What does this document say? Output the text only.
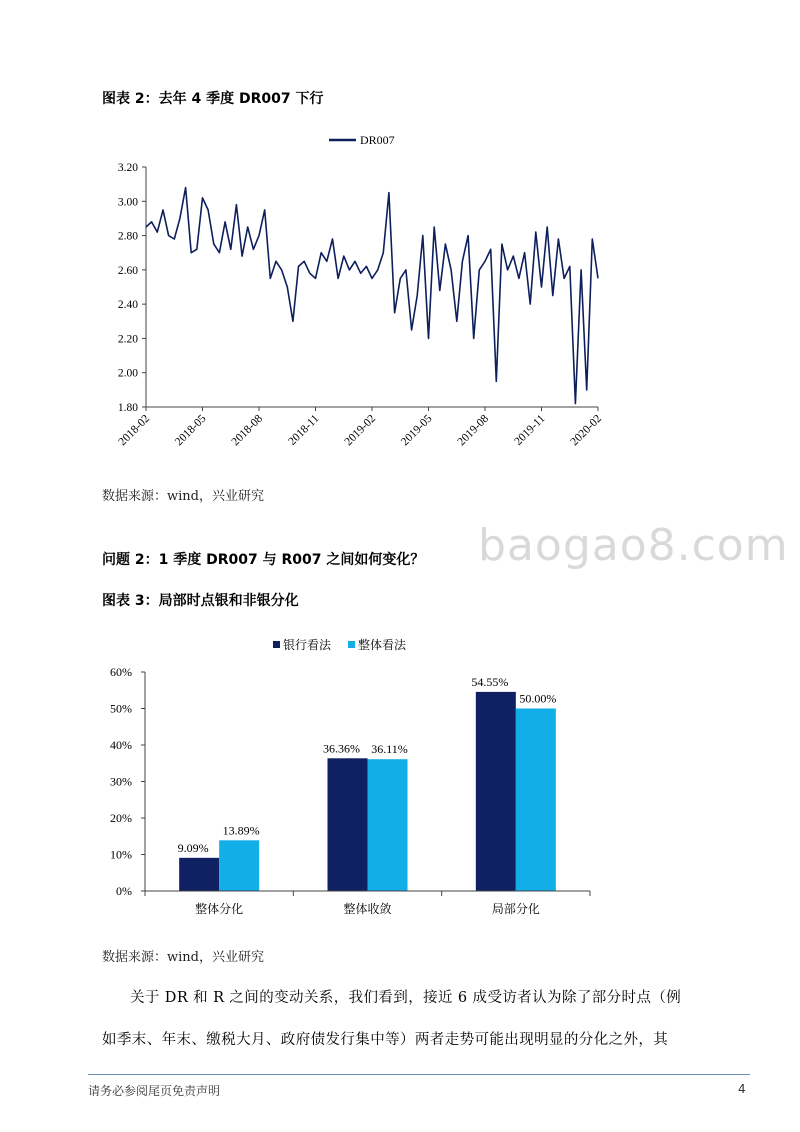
图表 2：去年 4 季度 DR007 下行
DR007
3.20
3.00
2.80
2.60
2.40
2.20
2.00
1.80
2018-02 2018-05 2018-08 2018-11 2019-02 2019-05 2019-08 2019-11 2020-02
数据来源：wind，兴业研究
baogao8.com
问题 2：1 季度 DR007 与 R007 之间如何变化？
图表 3：局部时点银和非银分化
银行看法 整体看法
0%
10%
20%
30%
40%
50%
60%
9.09%
13.89%
36.36% 36.11%
54.55%
50.00%
整体分化	整体收敛	局部分化
数据来源：wind，兴业研究
关于 DR 和 R 之间的变动关系，我们看到，接近 6 成受访者认为除了部分时点（例
如季末、年末、缴税大月、政府债发行集中等）两者走势可能出现明显的分化之外，其
请务必参阅尾页免责声明	4
